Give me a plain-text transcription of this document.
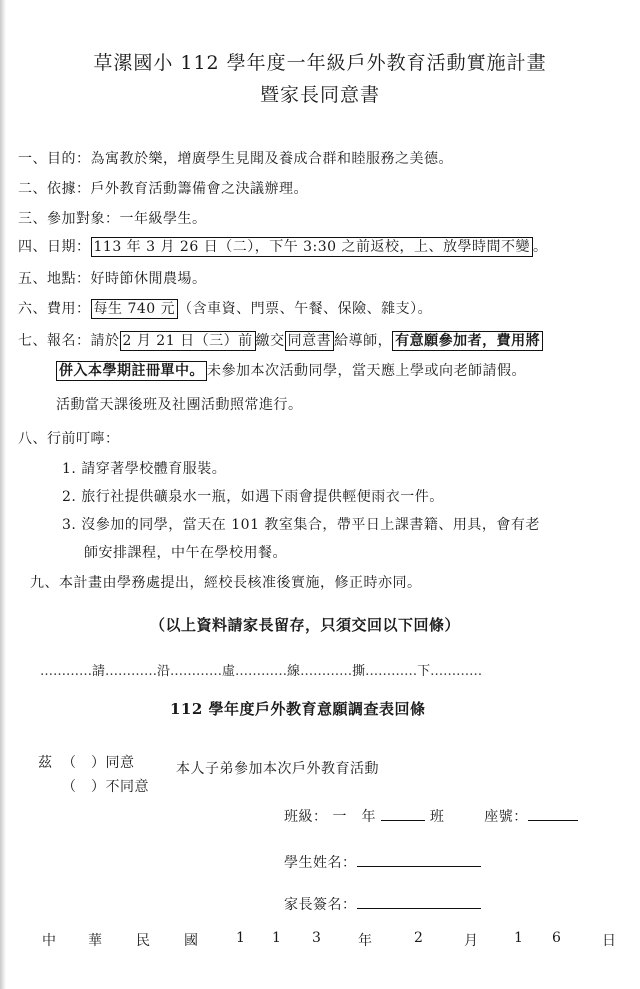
草漯國小 112 學年度一年級戶外教育活動實施計畫
暨家長同意書
一、目的：為寓教於樂，增廣學生見聞及養成合群和睦服務之美德。
二、依據：戶外教育活動籌備會之決議辦理。
三、參加對象：一年級學生。
四、日期： 113 年 3 月 26 日（二），下午 3:30 之前返校，上、放學時間不變 。
五、地點：好時節休閒農場。
六、費用： 每生 740 元 （含車資、門票、午餐、保險、雜支）。
七、報名：請於 2 月 21 日（三）前 繳交 同意書 給導師， 有意願參加者，費用將
併入本學期註冊單中。 未參加本次活動同學，當天應上學或向老師請假。
活動當天課後班及社團活動照常進行。
八、行前叮嚀：
1. 請穿著學校體育服裝。
2. 旅行社提供礦泉水一瓶，如遇下雨會提供輕便雨衣一件。
3. 沒參加的同學，當天在 101 教室集合，帶平日上課書籍、用具，會有老
師安排課程，中午在學校用餐。
九、本計畫由學務處提出，經校長核准後實施，修正時亦同。
（以上資料請家長留存，只須交回以下回條）
…………請…………沿…………虛…………線…………撕…………下…………
112 學年度戶外教育意願調查表回條
茲 （　）同意
（　）不同意
本人子弟參加本次戶外教育活動
班級： 一　年	班	座號：
學生姓名：
家長簽名：
中 華 民 國	1 1 3	年	2	月	1 6	日
